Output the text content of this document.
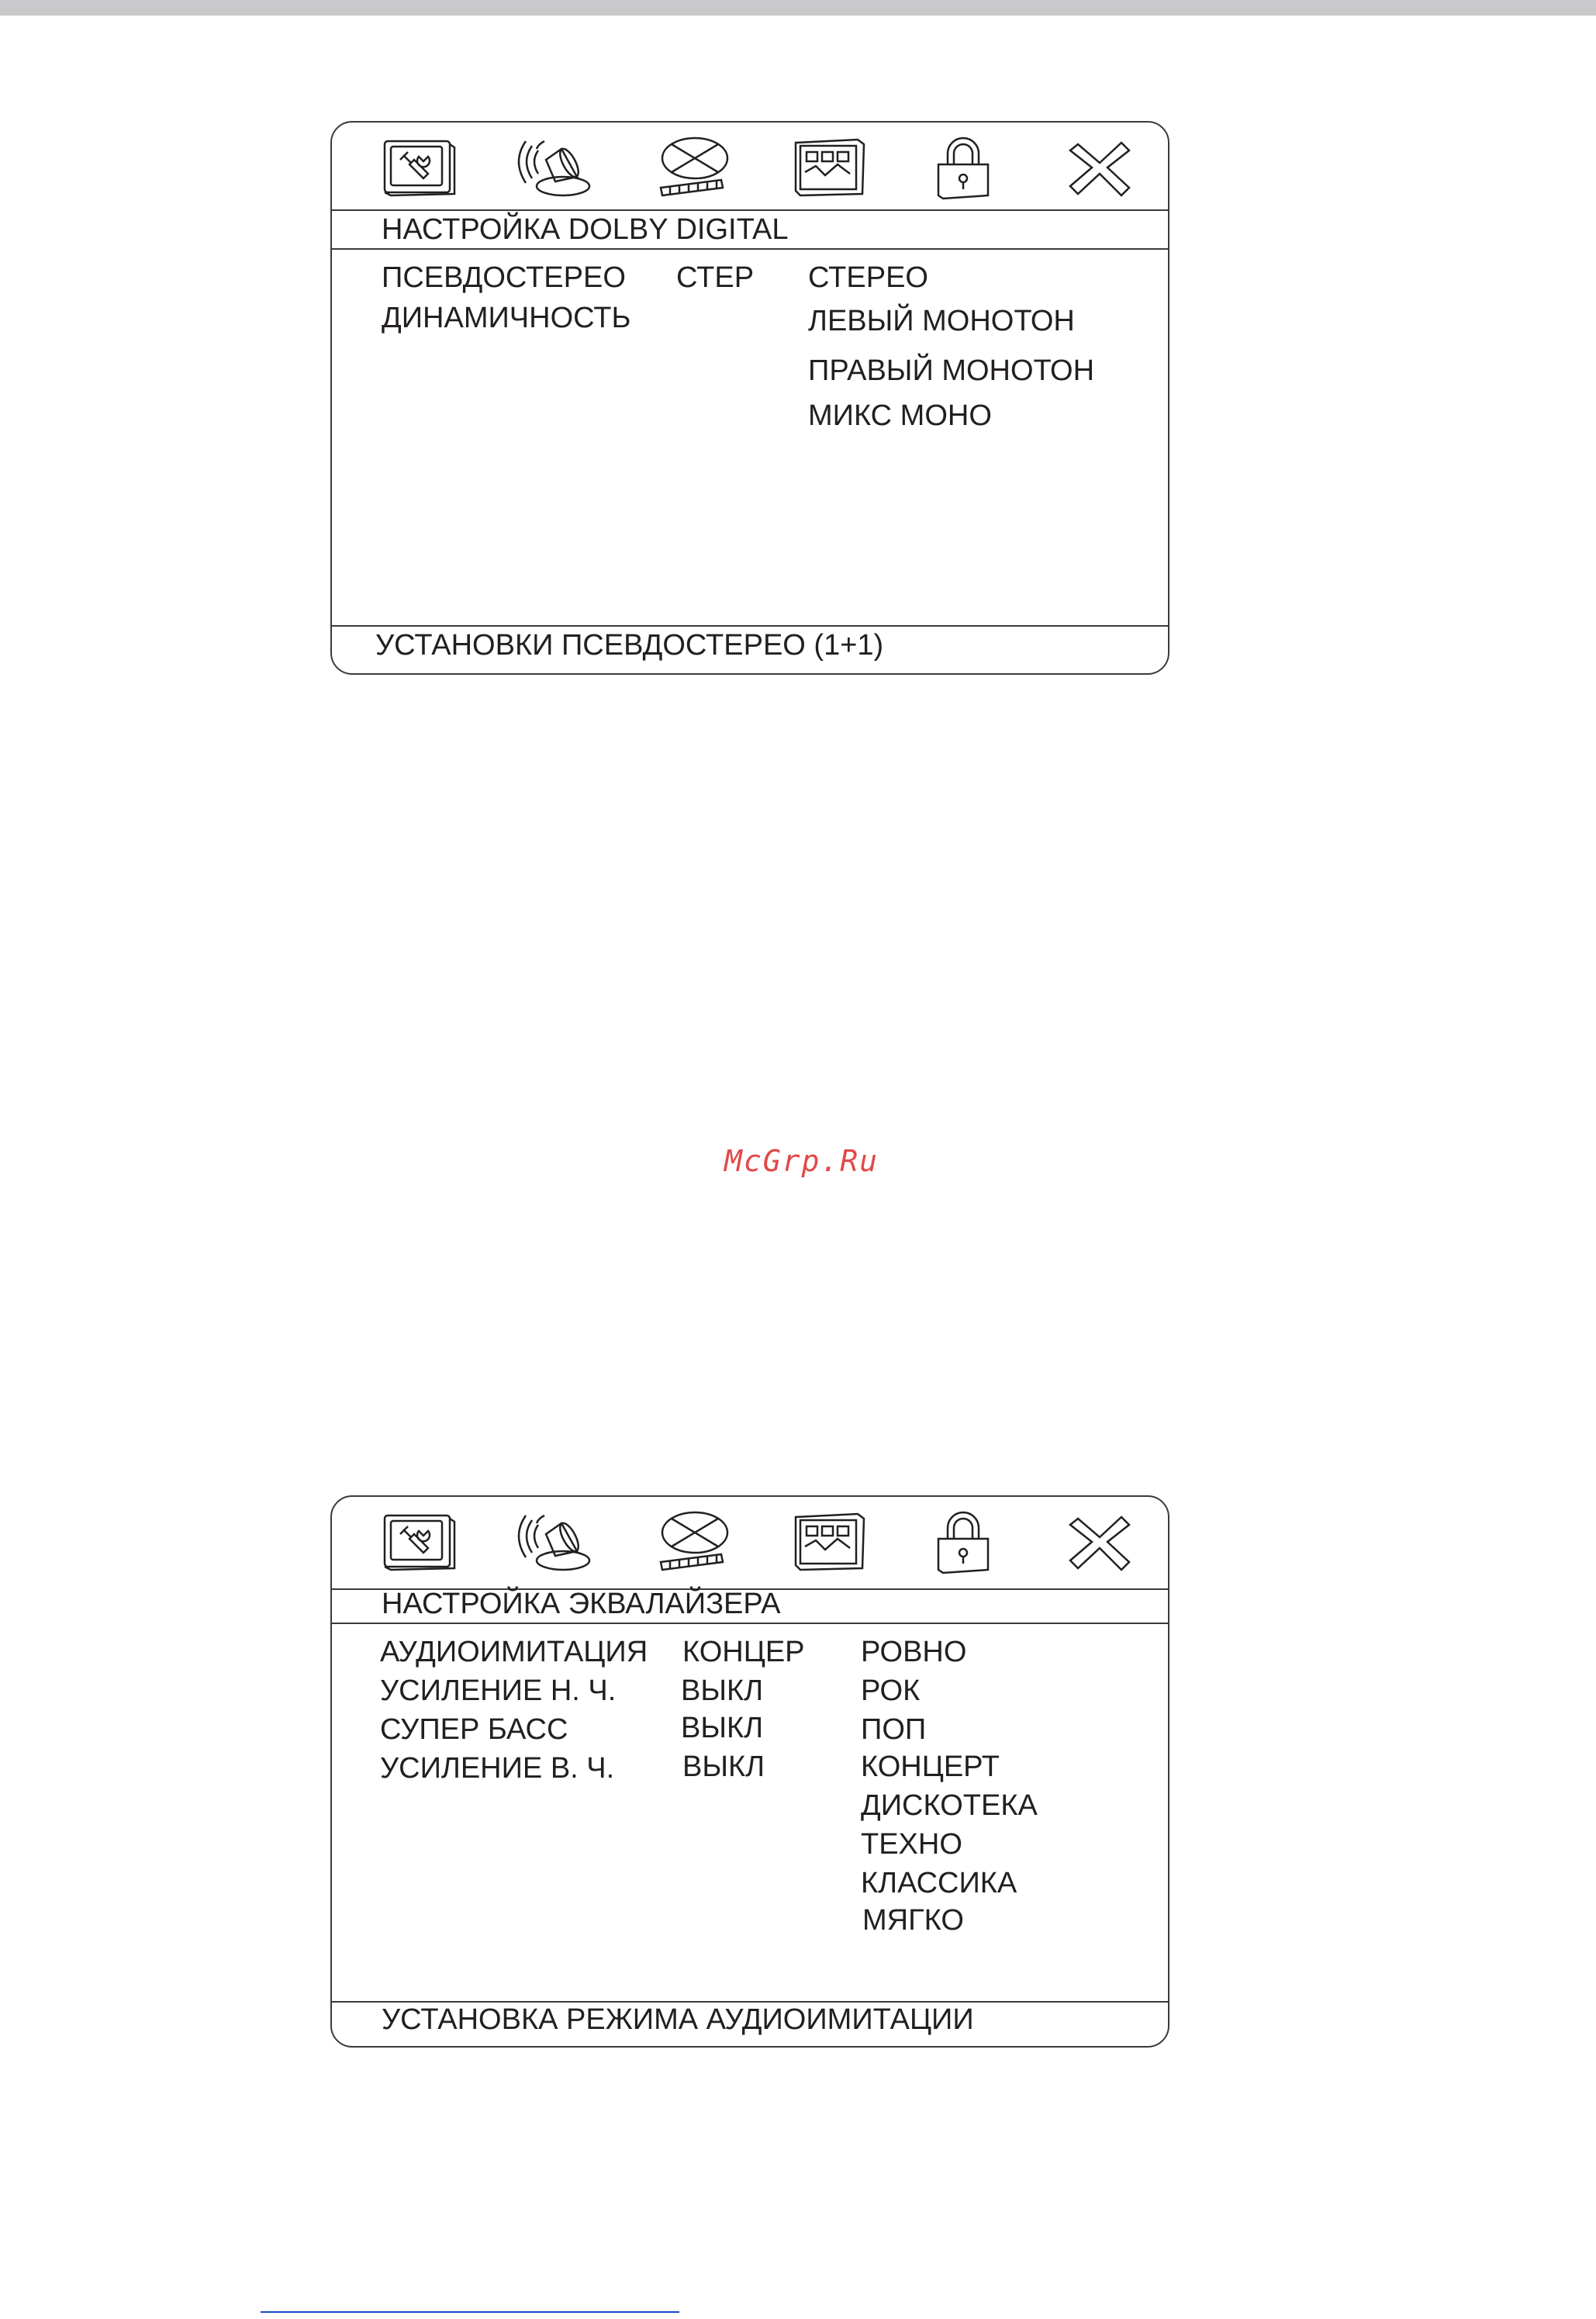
НАСТРОЙКА DOLBY DIGITAL
ПСЕВДОСТЕРЕО СТЕР
ДИНАМИЧНОСТЬ
СТЕРЕО
ЛЕВЫЙ МОНОТОН
ПРАВЫЙ МОНОТОН
МИКС МОНО
УСТАНОВКИ ПСЕВДОСТЕРЕО (1+1)
McGrp.Ru
НАСТРОЙКА ЭКВАЛАЙЗЕРА
АУДИОИМИТАЦИЯ КОНЦЕР
УСИЛЕНИЕ Н. Ч. ВЫКЛ
СУПЕР БАСС	ВЫКЛ
УСИЛЕНИЕ В. Ч. ВЫКЛ
РОВНО
РОК
ПОП
КОНЦЕРТ
ДИСКОТЕКА
ТЕХНО
КЛАССИКА
МЯГКО
УСТАНОВКА РЕЖИМА АУДИОИМИТАЦИИ
